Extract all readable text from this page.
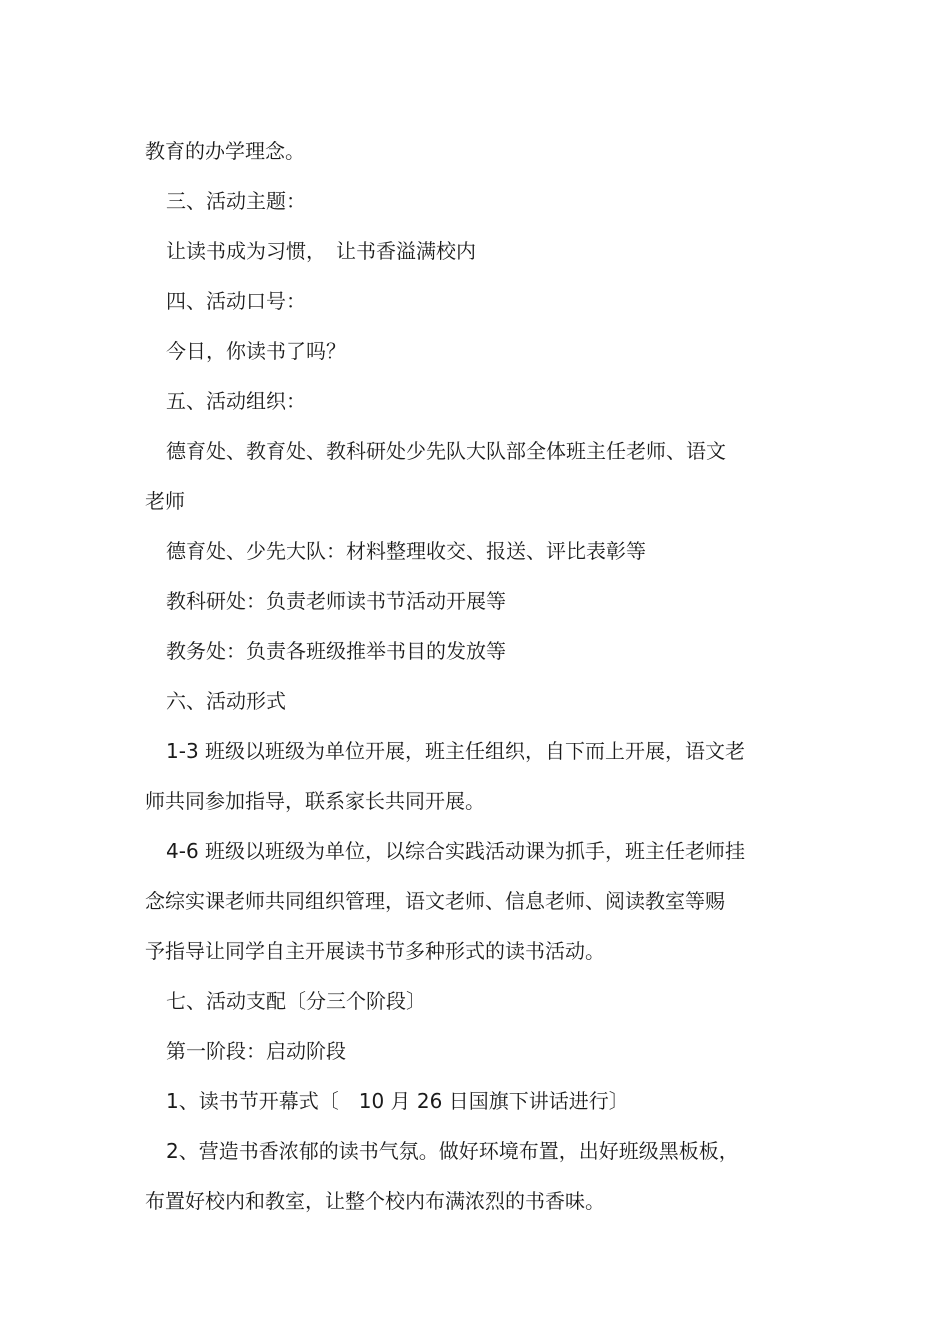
教育的办学理念。
三、活动主题：
让读书成为习惯，　让书香溢满校内
四、活动口号：
今日，你读书了吗？
五、活动组织：
德育处、教育处、教科研处少先队大队部全体班主任老师、语文
老师
德育处、少先大队：材料整理收交、报送、评比表彰等
教科研处：负责老师读书节活动开展等
教务处：负责各班级推举书目的发放等
六、活动形式
1-3 班级以班级为单位开展，班主任组织，自下而上开展，语文老
师共同参加指导，联系家长共同开展。
4-6 班级以班级为单位，以综合实践活动课为抓手，班主任老师挂
念综实课老师共同组织管理，语文老师、信息老师、阅读教室等赐
予指导让同学自主开展读书节多种形式的读书活动。
七、活动支配〔分三个阶段〕
第一阶段：启动阶段
1、读书节开幕式〔　10 月 26 日国旗下讲话进行〕
2、营造书香浓郁的读书气氛。做好环境布置，出好班级黑板板，
布置好校内和教室，让整个校内布满浓烈的书香味。
